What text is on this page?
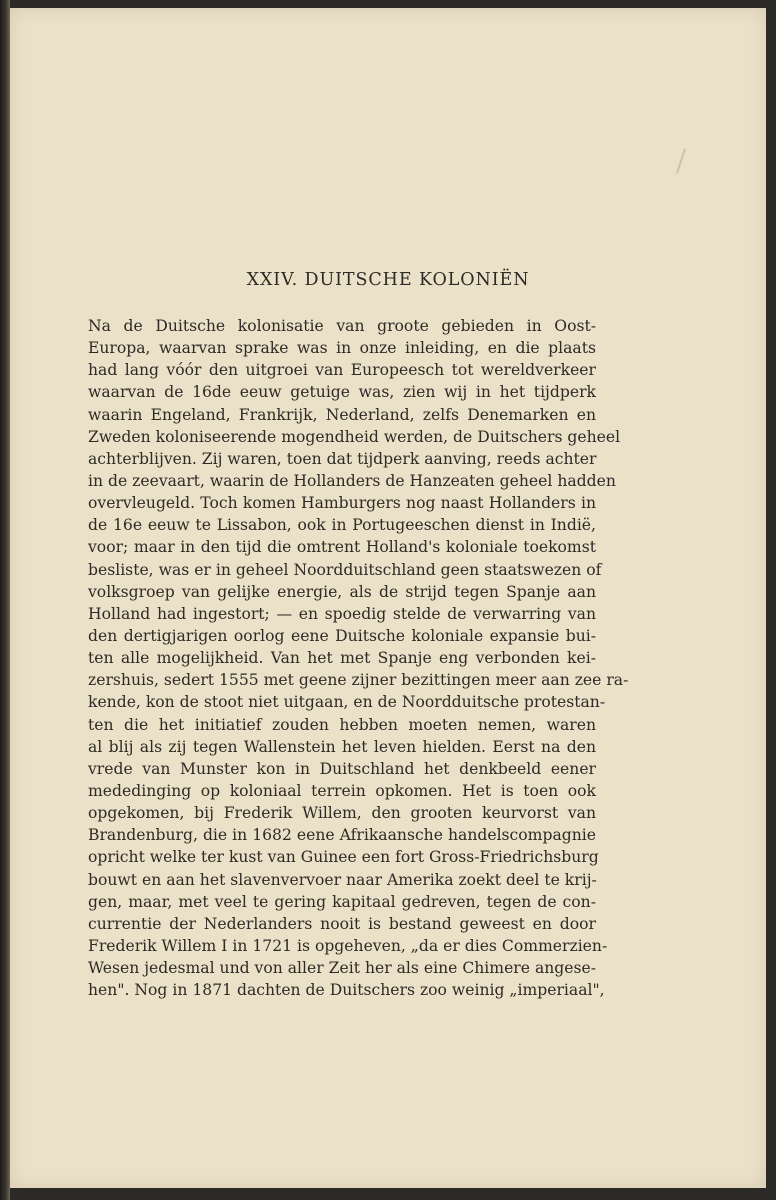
XXIV. DUITSCHE KOLONIËN
Na de Duitsche kolonisatie van groote gebieden in Oost-
Europa, waarvan sprake was in onze inleiding, en die plaats
had lang vóór den uitgroei van Europeesch tot wereldverkeer
waarvan de 16de eeuw getuige was, zien wij in het tijdperk
waarin Engeland, Frankrijk, Nederland, zelfs Denemarken en
Zweden koloniseerende mogendheid werden, de Duitschers geheel
achterblijven. Zij waren, toen dat tijdperk aanving, reeds achter
in de zeevaart, waarin de Hollanders de Hanzeaten geheel hadden
overvleugeld. Toch komen Hamburgers nog naast Hollanders in
de 16e eeuw te Lissabon, ook in Portugeeschen dienst in Indië,
voor; maar in den tijd die omtrent Holland's koloniale toekomst
besliste, was er in geheel Noordduitschland geen staatswezen of
volksgroep van gelijke energie, als de strijd tegen Spanje aan
Holland had ingestort; — en spoedig stelde de verwarring van
den dertigjarigen oorlog eene Duitsche koloniale expansie bui-
ten alle mogelijkheid. Van het met Spanje eng verbonden kei-
zershuis, sedert 1555 met geene zijner bezittingen meer aan zee ra-
kende, kon de stoot niet uitgaan, en de Noordduitsche protestan-
ten die het initiatief zouden hebben moeten nemen, waren
al blij als zij tegen Wallenstein het leven hielden. Eerst na den
vrede van Munster kon in Duitschland het denkbeeld eener
mededinging op koloniaal terrein opkomen. Het is toen ook
opgekomen, bij Frederik Willem, den grooten keurvorst van
Brandenburg, die in 1682 eene Afrikaansche handelscompagnie
opricht welke ter kust van Guinee een fort Gross-Friedrichsburg
bouwt en aan het slavenvervoer naar Amerika zoekt deel te krij-
gen, maar, met veel te gering kapitaal gedreven, tegen de con-
currentie der Nederlanders nooit is bestand geweest en door
Frederik Willem I in 1721 is opgeheven, „da er dies Commerzien-
Wesen jedesmal und von aller Zeit her als eine Chimere angese-
hen". Nog in 1871 dachten de Duitschers zoo weinig „imperiaal",
